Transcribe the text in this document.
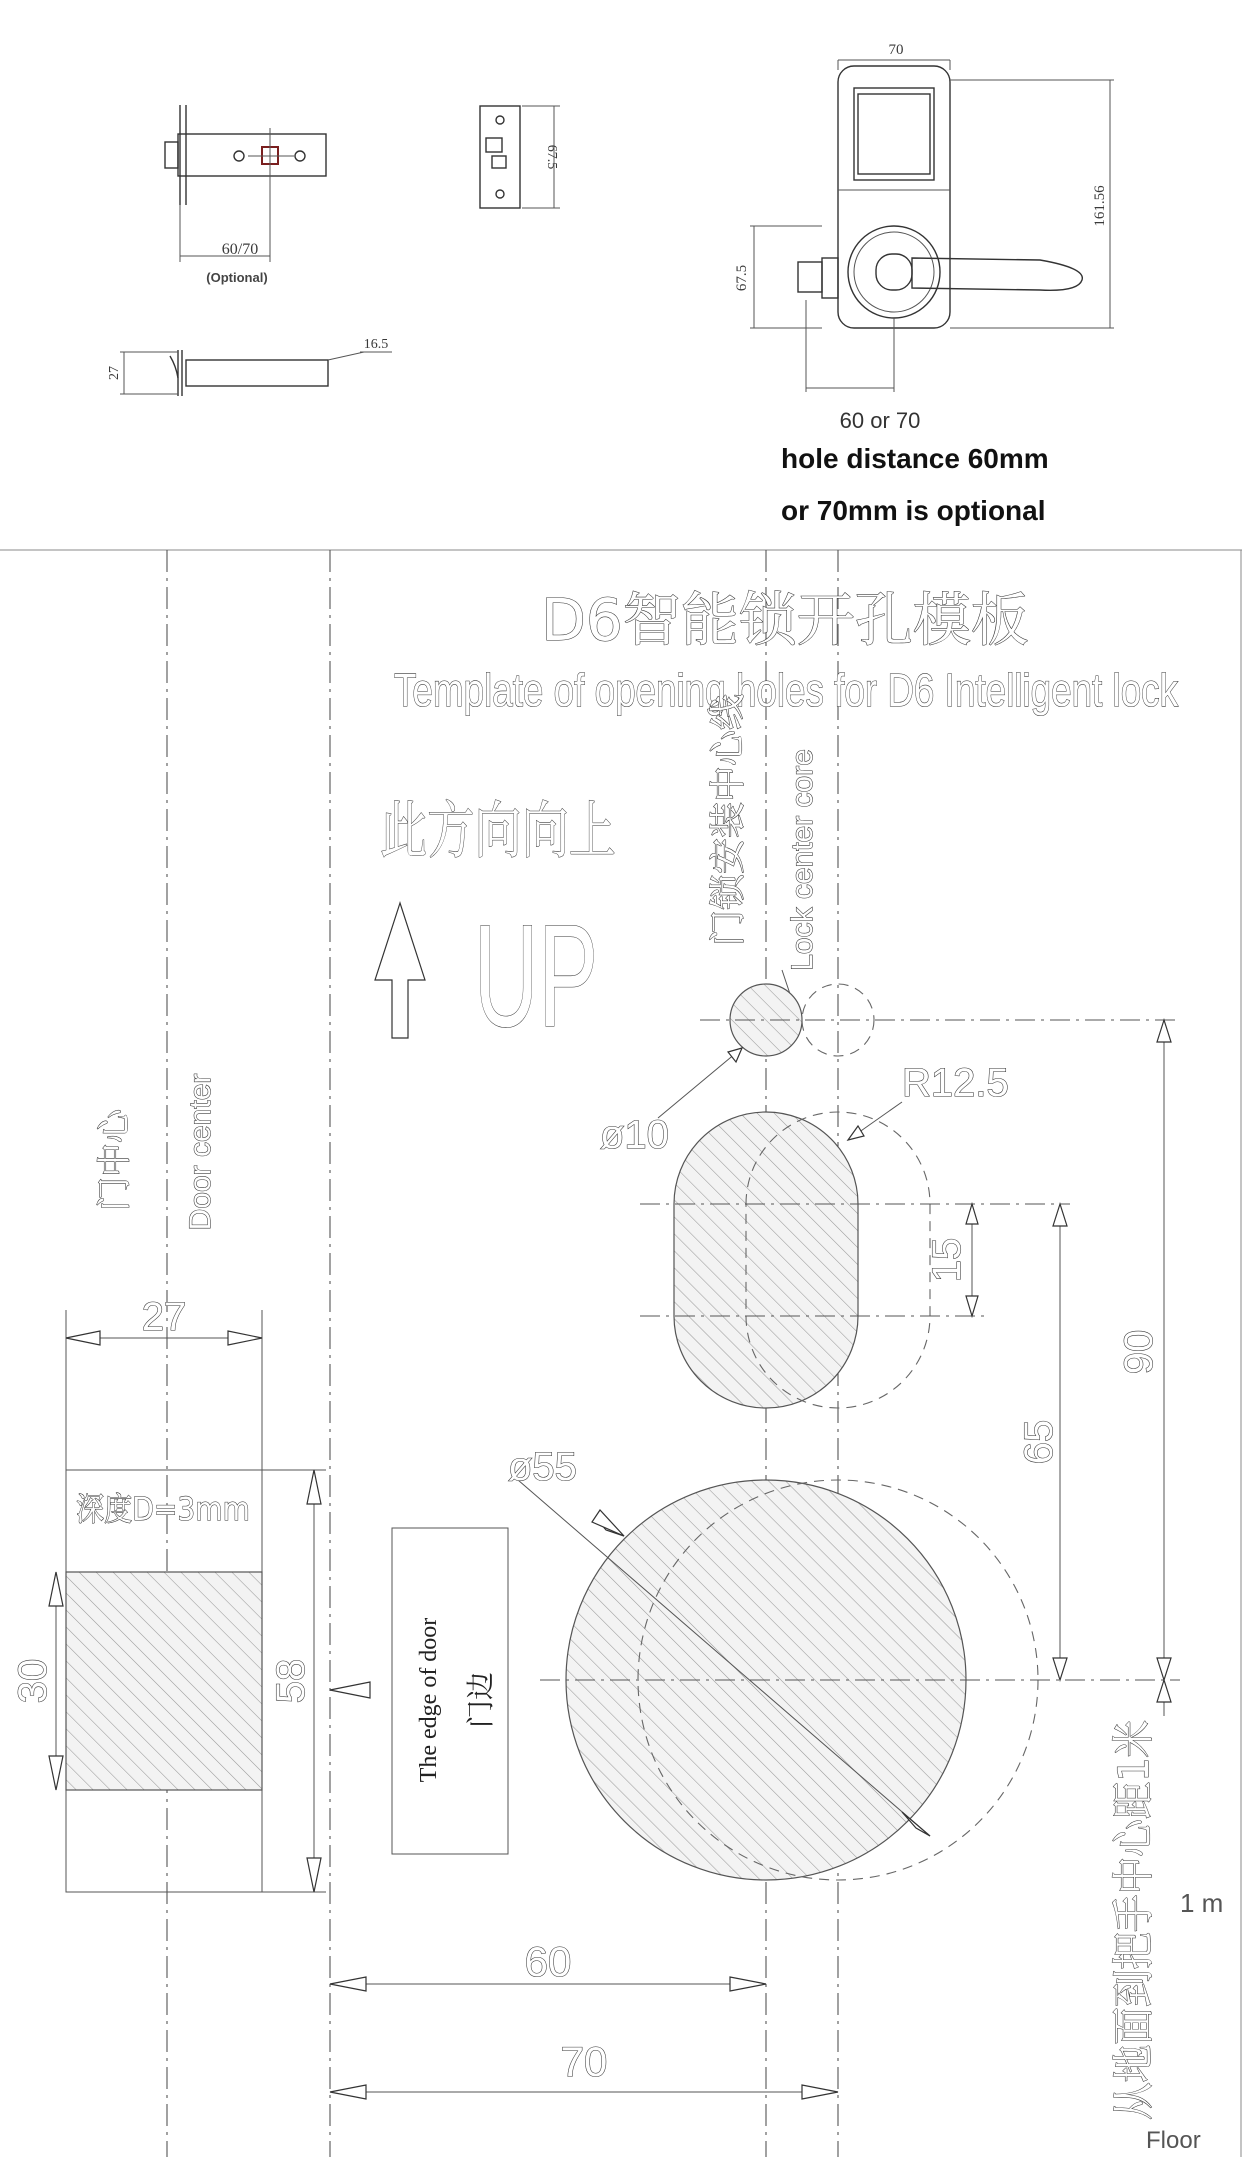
60/70
(Optional)
67.5
27
16.5
70
161.56
67.5
60 or 70
hole distance 60mm
or 70mm is optional
D6智能锁开孔模板
Template of opening holes for D6 Intelligent lock
此方向向上
UP
门锁安装中心线 Lock center core
门中心 Door center	ø10
R12.5
15
ø55
65
90
27
深度D=3mm
30	58	The edge of door 门边
60
70	从地面到把手中心距1米 1 m
Floor
